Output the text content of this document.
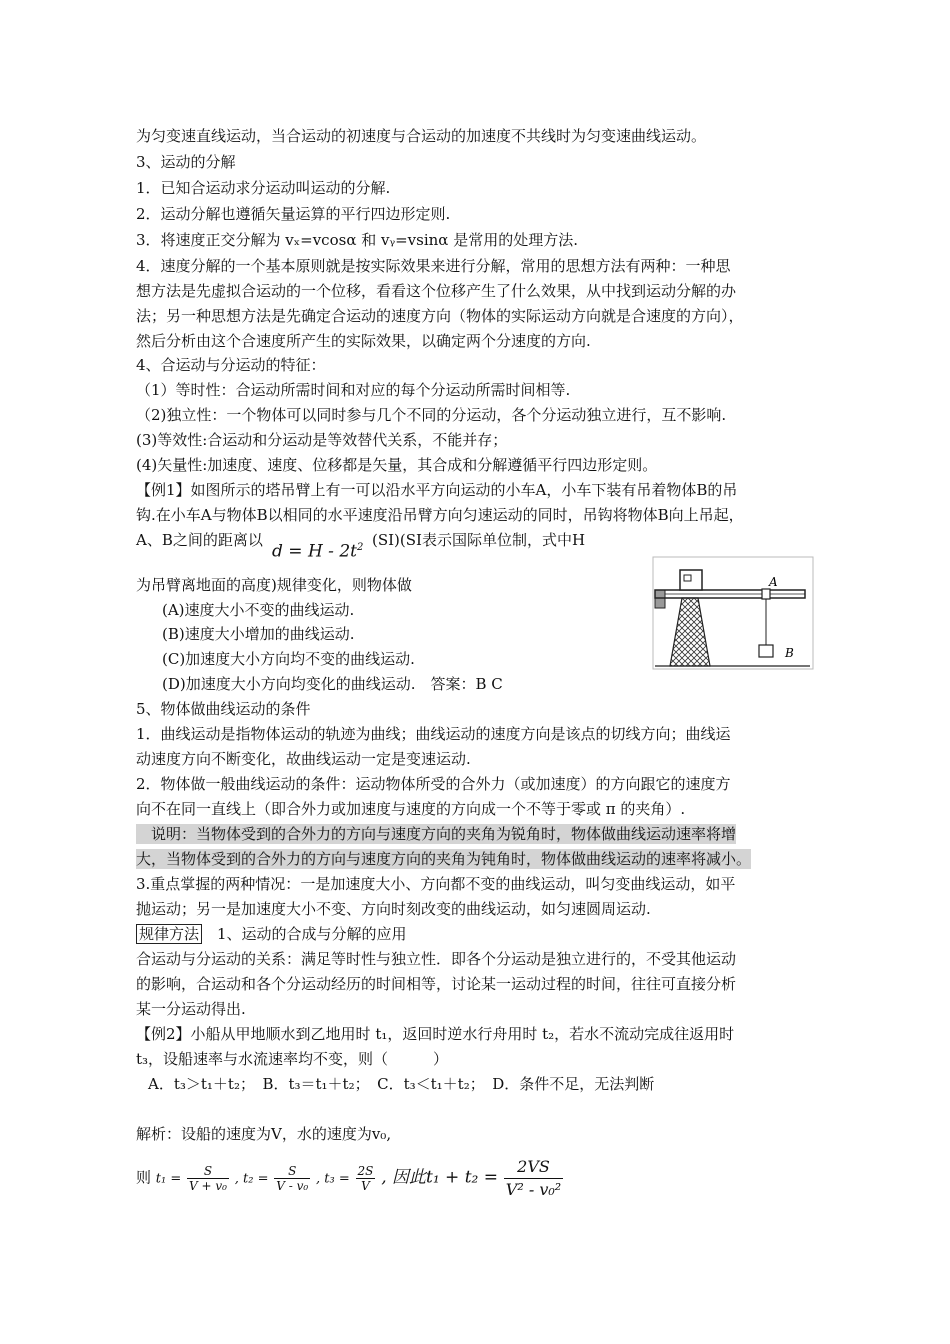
为匀变速直线运动，当合运动的初速度与合运动的加速度不共线时为匀变速曲线运动。
3、运动的分解
1．已知合运动求分运动叫运动的分解.
2．运动分解也遵循矢量运算的平行四边形定则.
3．将速度正交分解为 vₓ=vcosα 和 vᵧ=vsinα 是常用的处理方法.
4．速度分解的一个基本原则就是按实际效果来进行分解，常用的思想方法有两种：一种思
想方法是先虚拟合运动的一个位移，看看这个位移产生了什么效果，从中找到运动分解的办
法；另一种思想方法是先确定合运动的速度方向（物体的实际运动方向就是合速度的方向），
然后分析由这个合速度所产生的实际效果，以确定两个分速度的方向.
4、合运动与分运动的特征：
（1）等时性：合运动所需时间和对应的每个分运动所需时间相等.
（2)独立性：一个物体可以同时参与几个不同的分运动，各个分运动独立进行，互不影响.
(3)等效性:合运动和分运动是等效替代关系，不能并存；
(4)矢量性:加速度、速度、位移都是矢量，其合成和分解遵循平行四边形定则。
【例1】如图所示的塔吊臂上有一可以沿水平方向运动的小车A，小车下装有吊着物体B的吊
钩.在小车A与物体B以相同的水平速度沿吊臂方向匀速运动的同时，吊钩将物体B向上吊起，
A、B之间的距离以
$d = H - 2t^2$ (SI)(SI表示国际单位制，式中H
为吊臂离地面的高度)规律变化，则物体做
(A)速度大小不变的曲线运动.
(B)速度大小增加的曲线运动.
(C)加速度大小方向均不变的曲线运动.
(D)加速度大小方向均变化的曲线运动.　答案：B C
A
B
5、物体做曲线运动的条件
1．曲线运动是指物体运动的轨迹为曲线；曲线运动的速度方向是该点的切线方向；曲线运
动速度方向不断变化，故曲线运动一定是变速运动.
2．物体做一般曲线运动的条件：运动物体所受的合外力（或加速度）的方向跟它的速度方
向不在同一直线上（即合外力或加速度与速度的方向成一个不等于零或 π 的夹角）.
　说明：当物体受到的合外力的方向与速度方向的夹角为锐角时，物体做曲线运动速率将增
大，当物体受到的合外力的方向与速度方向的夹角为钝角时，物体做曲线运动的速率将减小。
3.重点掌握的两种情况：一是加速度大小、方向都不变的曲线运动，叫匀变曲线运动，如平
抛运动；另一是加速度大小不变、方向时刻改变的曲线运动，如匀速圆周运动.
规律方法　1、运动的合成与分解的应用
合运动与分运动的关系：满足等时性与独立性．即各个分运动是独立进行的，不受其他运动
的影响，合运动和各个分运动经历的时间相等，讨论某一运动过程的时间，往往可直接分析
某一分运动得出.
【例2】小船从甲地顺水到乙地用时 t₁，返回时逆水行舟用时 t₂，若水不流动完成往返用时
t₃，设船速率与水流速率均不变，则（　　　）
A．t₃＞t₁＋t₂；　B．t₃＝t₁＋t₂；　C．t₃＜t₁＋t₂；　D．条件不足，无法判断
解析：设船的速度为V，水的速度为v₀,
则 $t_1 = \frac{S}{\text{V + v₀}}$ , $t_2 = \frac{S}{\text{V - v₀}}$ , $t_3 = \frac{2S}{V}$ , 因此$t_1 + t_2 = \frac{2VS}{\text{V² - v₀²}}$
